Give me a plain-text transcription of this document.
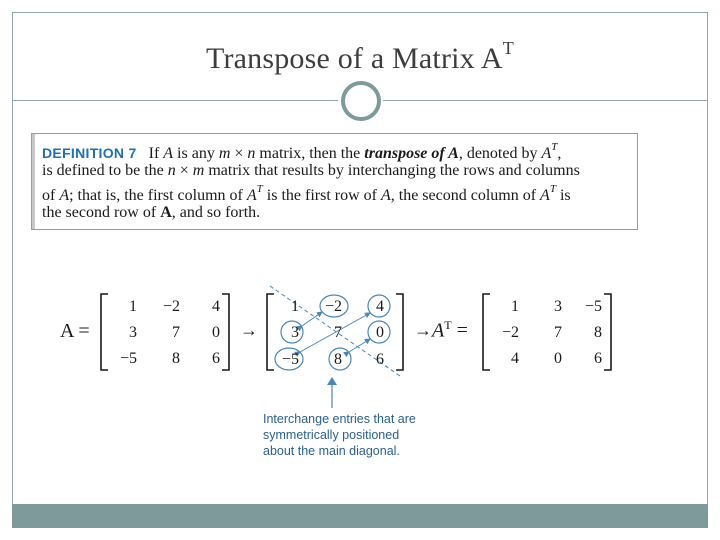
Transpose of a Matrix $A^T$
DEFINITION 7 If A is any m × n matrix, then the transpose of A, denoted by $A^T$,
is defined to be the n × m matrix that results by interchanging the rows and columns
of A; that is, the first column of $A^T$ is the first row of A, the second column of $A^T$ is
the second row of A, and so forth.
A =
1 −2 4
3 7 0
−5 8 6
→
1 −2 4
3 7 0
−5 8 6
→ $A^T$ =
1 3 −5
−2 7 8
4 0 6
Interchange entries that are
symmetrically positioned
about the main diagonal.
